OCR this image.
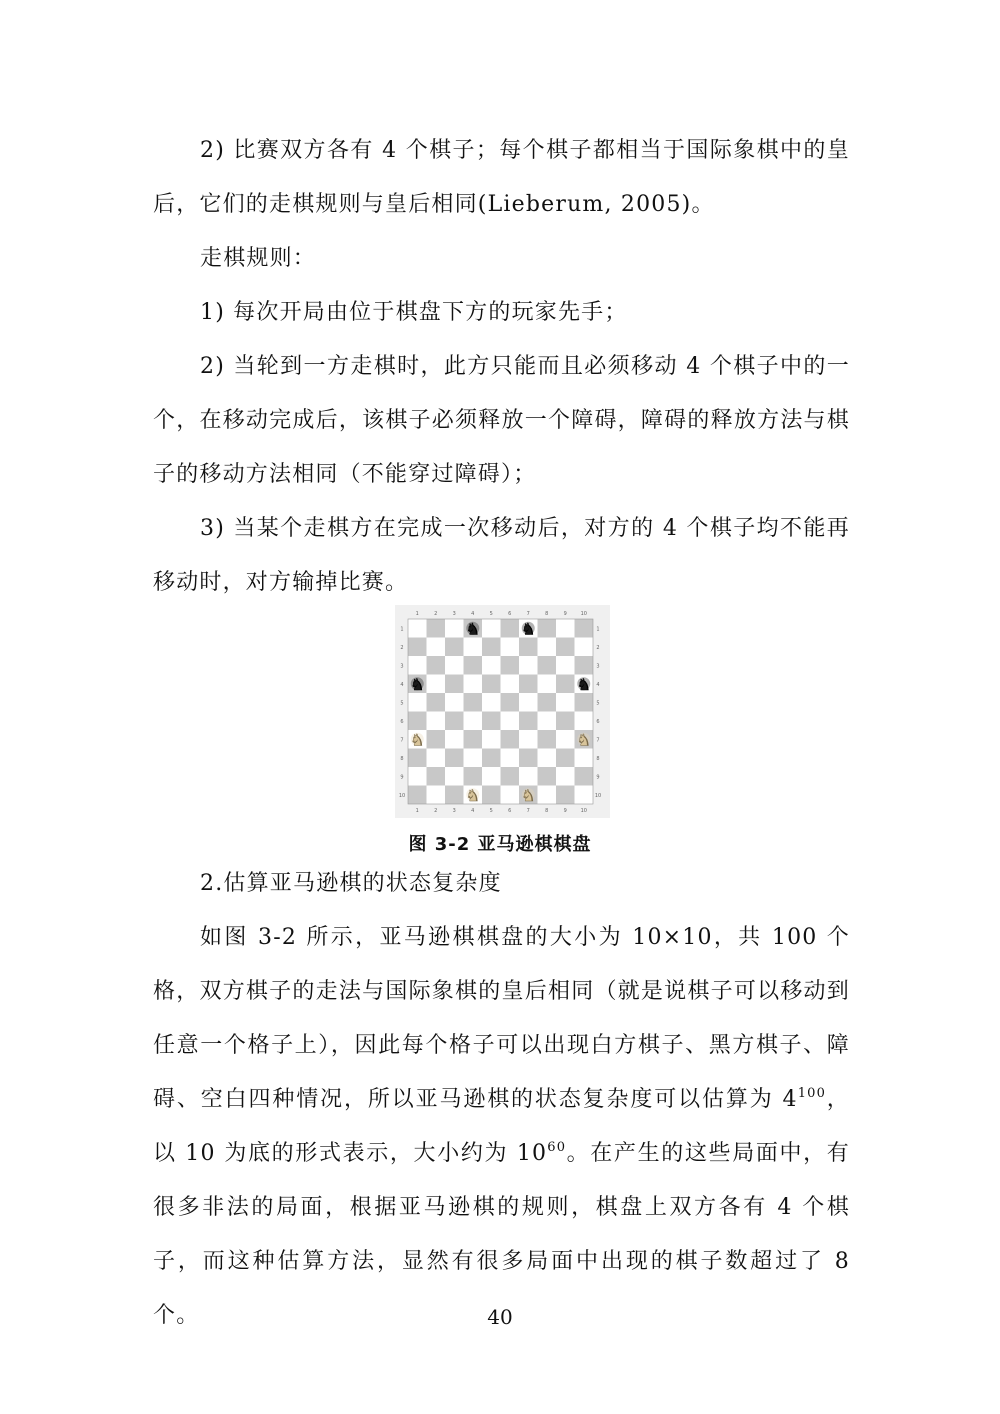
2) 比赛双方各有 4 个棋子；每个棋子都相当于国际象棋中的皇后，它们的走棋规则与皇后相同(Lieberum, 2005)。

走棋规则：

1) 每次开局由位于棋盘下方的玩家先手；

2) 当轮到一方走棋时，此方只能而且必须移动 4 个棋子中的一个，在移动完成后，该棋子必须释放一个障碍，障碍的释放方法与棋子的移动方法相同（不能穿过障碍）；

3) 当某个走棋方在完成一次移动后，对方的 4 个棋子均不能再移动时，对方输掉比赛。

1
1
2
2
3
3
4
4
5
5
6
6
7
7
8
8
9
9
10
10
1	1
2	2
3	3
4	4
5	5
6	6
7	7
8	8
9	9
10	10
♞	♞
♞	♞
♞	♞
♞	♞
图 3-2 亚马逊棋棋盘

2.估算亚马逊棋的状态复杂度

如图 3-2 所示，亚马逊棋棋盘的大小为 10×10，共 100 个格，双方棋子的走法与国际象棋的皇后相同（就是说棋子可以移动到任意一个格子上），因此每个格子可以出现白方棋子、黑方棋子、障碍、空白四种情况，所以亚马逊棋的状态复杂度可以估算为 $4^{100}$，以 10 为底的形式表示，大小约为 $10^{60}$。在产生的这些局面中，有很多非法的局面，根据亚马逊棋的规则，棋盘上双方各有 4 个棋子，而这种估算方法，显然有很多局面中出现的棋子数超过了 8 个。	40
